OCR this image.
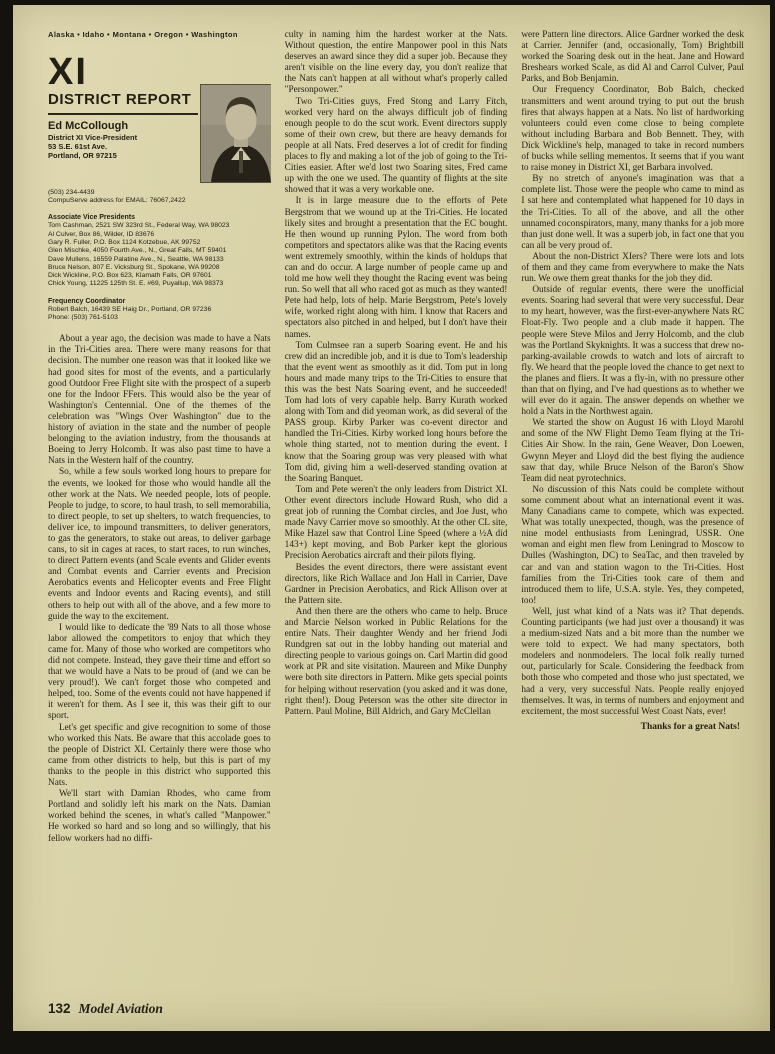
Alaska • Idaho • Montana • Oregon • Washington
XI
DISTRICT REPORT
Ed McCollough
District XI Vice-President
53 S.E. 61st Ave.
Portland, OR 97215
(503) 234-4439
CompuServe address for EMAIL: 76067,2422
Associate Vice Presidents
Tom Cashman, 2521 SW 323rd St., Federal Way, WA 98023
Al Culver, Box 86, Wilder, ID 83676
Gary R. Fuller, P.O. Box 1124 Kotzebue, AK 99752
Glen Mischke, 4050 Fourth Ave., N., Great Falls, MT 59401
Dave Mullens, 16559 Palatine Ave., N., Seattle, WA 98133
Bruce Nelson, 807 E. Vicksburg St., Spokane, WA 99208
Dick Wickline, P.O. Box 623, Klamath Falls, OR 97601
Chick Young, 11225 125th St. E. #69, Puyallup, WA 98373
Frequency Coordinator
Robert Balch, 16439 SE Haig Dr., Portland, OR 97236
Phone: (503) 761-5103

About a year ago, the decision was made to have a Nats in the Tri-Cities area. There were many reasons for that decision. The number one reason was that it looked like we had good sites for most of the events, and a particularly good Outdoor Free Flight site with the prospect of a superb one for the Indoor FFers. This would also be the year of Washington's Centennial. One of the themes of the celebration was "Wings Over Washington" due to the history of aviation in the state and the number of people belonging to the aviation industry, from the thousands at Boeing to Jerry Holcomb. It was also past time to have a Nats in the Western half of the country.

So, while a few souls worked long hours to prepare for the events, we looked for those who would handle all the other work at the Nats. We needed people, lots of people. People to judge, to score, to haul trash, to sell memorabilia, to direct people, to set up shelters, to watch frequencies, to deliver ice, to impound transmitters, to deliver generators, to gas the generators, to stake out areas, to deliver garbage cans, to sit in cages at races, to start races, to run winches, to direct Pattern events (and Scale events and Glider events and Combat events and Carrier events and Precision Aerobatics events and Helicopter events and Free Flight events and Indoor events and Racing events), and still others to help out with all of the above, and a few more to guide the way to the excitement.

I would like to dedicate the '89 Nats to all those whose labor allowed the competitors to enjoy that which they came for. Many of those who worked are competitors who did not compete. Instead, they gave their time and effort so that we would have a Nats to be proud of (and we can be very proud!). We can't forget those who competed and helped, too. Some of the events could not have happened if it weren't for them. As I see it, this was their gift to our sport.

Let's get specific and give recognition to some of those who worked this Nats. Be aware that this accolade goes to the people of District XI. Certainly there were those who came from other districts to help, but this is part of my thanks to the people in this district who supported this Nats.

We'll start with Damian Rhodes, who came from Portland and solidly left his mark on the Nats. Damian worked behind the scenes, in what's called "Manpower." He worked so hard and so long and so willingly, that his fellow workers had no diffi-

culty in naming him the hardest worker at the Nats. Without question, the entire Manpower pool in this Nats deserves an award since they did a super job. Because they aren't visible on the line every day, you don't realize that the Nats can't happen at all without what's properly called "Personpower."

Two Tri-Cities guys, Fred Stong and Larry Fitch, worked very hard on the always difficult job of finding enough people to do the scut work. Event directors supply some of their own crew, but there are heavy demands for people at all Nats. Fred deserves a lot of credit for finding places to fly and making a lot of the job of going to the Tri-Cities easier. After we'd lost two Soaring sites, Fred came up with the one we used. The quantity of flights at the site showed that it was a very workable one.

It is in large measure due to the efforts of Pete Bergstrom that we wound up at the Tri-Cities. He located likely sites and brought a presentation that the EC bought. He then wound up running Pylon. The word from both competitors and spectators alike was that the Racing events went extremely smoothly, within the kinds of holdups that can and do occur. A large number of people came up and told me how well they thought the Racing event was being run. So well that all who raced got as much as they wanted! Pete had help, lots of help. Marie Bergstrom, Pete's lovely wife, worked right along with him. I know that Racers and spectators also pitched in and helped, but I don't have their names.

Tom Culmsee ran a superb Soaring event. He and his crew did an incredible job, and it is due to Tom's leadership that the event went as smoothly as it did. Tom put in long hours and made many trips to the Tri-Cities to ensure that this was the best Nats Soaring event, and he succeeded! Tom had lots of very capable help. Barry Kurath worked along with Tom and did yeoman work, as did several of the PASS group. Kirby Parker was co-event director and handled the Tri-Cities. Kirby worked long hours before the whole thing started, not to mention during the event. I know that the Soaring group was very pleased with what Tom did, giving him a well-deserved standing ovation at the Soaring Banquet.

Tom and Pete weren't the only leaders from District XI. Other event directors include Howard Rush, who did a great job of running the Combat circles, and Joe Just, who made Navy Carrier move so smoothly. At the other CL site, Mike Hazel saw that Control Line Speed (where a ½A did 143+) kept moving, and Bob Parker kept the glorious Precision Aerobatics aircraft and their pilots flying.

Besides the event directors, there were assistant event directors, like Rich Wallace and Jon Hall in Carrier, Dave Gardner in Precision Aerobatics, and Rick Allison over at the Pattern site.

And then there are the others who came to help. Bruce and Marcie Nelson worked in Public Relations for the entire Nats. Their daughter Wendy and her friend Jodi Rundgren sat out in the lobby handing out material and directing people to various goings on. Carl Martin did good work at PR and site visitation. Maureen and Mike Dunphy were both site directors in Pattern. Mike gets special points for helping without reservation (you asked and it was done, right then!). Doug Peterson was the other site director in Pattern. Paul Moline, Bill Aldrich, and Gary McClellan

were Pattern line directors. Alice Gardner worked the desk at Carrier. Jennifer (and, occasionally, Tom) Brightbill worked the Soaring desk out in the heat. Jane and Howard Breshears worked Scale, as did Al and Carrol Culver, Paul Parks, and Bob Benjamin.

Our Frequency Coordinator, Bob Balch, checked transmitters and went around trying to put out the brush fires that always happen at a Nats. No list of hardworking volunteers could even come close to being complete without including Barbara and Bob Bennett. They, with Dick Wickline's help, managed to take in record numbers of bucks while selling mementos. It seems that if you want to raise money in District XI, get Barbara involved.

By no stretch of anyone's imagination was that a complete list. Those were the people who came to mind as I sat here and contemplated what happened for 10 days in the Tri-Cities. To all of the above, and all the other unnamed coconspirators, many, many thanks for a job more than just done well. It was a superb job, in fact one that you can all be very proud of.

About the non-District XIers? There were lots and lots of them and they came from everywhere to make the Nats run. We owe them great thanks for the job they did.

Outside of regular events, there were the unofficial events. Soaring had several that were very successful. Dear to my heart, however, was the first-ever-anywhere Nats RC Float-Fly. Two people and a club made it happen. The people were Steve Milos and Jerry Holcomb, and the club was the Portland Skyknights. It was a success that drew no-parking-available crowds to watch and lots of aircraft to fly. We heard that the people loved the chance to get next to the planes and fliers. It was a fly-in, with no pressure other than that on flying, and I've had questions as to whether we will ever do it again. The answer depends on whether we hold a Nats in the Northwest again.

We started the show on August 16 with Lloyd Marohl and some of the NW Flight Demo Team flying at the Tri-Cities Air Show. In the rain, Gene Weaver, Don Loewen, Gwynn Meyer and Lloyd did the best flying the audience saw that day, while Bruce Nelson of the Baron's Show Team did neat pyrotechnics.

No discussion of this Nats could be complete without some comment about what an international event it was. Many Canadians came to compete, which was expected. What was totally unexpected, though, was the presence of nine model enthusiasts from Leningrad, USSR. One woman and eight men flew from Leningrad to Moscow to Dulles (Washington, DC) to SeaTac, and then traveled by car and van and station wagon to the Tri-Cities. Host families from the Tri-Cities took care of them and introduced them to life, U.S.A. style. Yes, they competed, too!

Well, just what kind of a Nats was it? That depends. Counting participants (we had just over a thousand) it was a medium-sized Nats and a bit more than the number we were told to expect. We had many spectators, both modelers and nonmodelers. The local folk really turned out, particularly for Scale. Considering the feedback from both those who competed and those who just spectated, we had a very, very successful Nats. People really enjoyed themselves. It was, in terms of numbers and enjoyment and excitement, the most successful West Coast Nats, ever!

Thanks for a great Nats!
132 Model Aviation
